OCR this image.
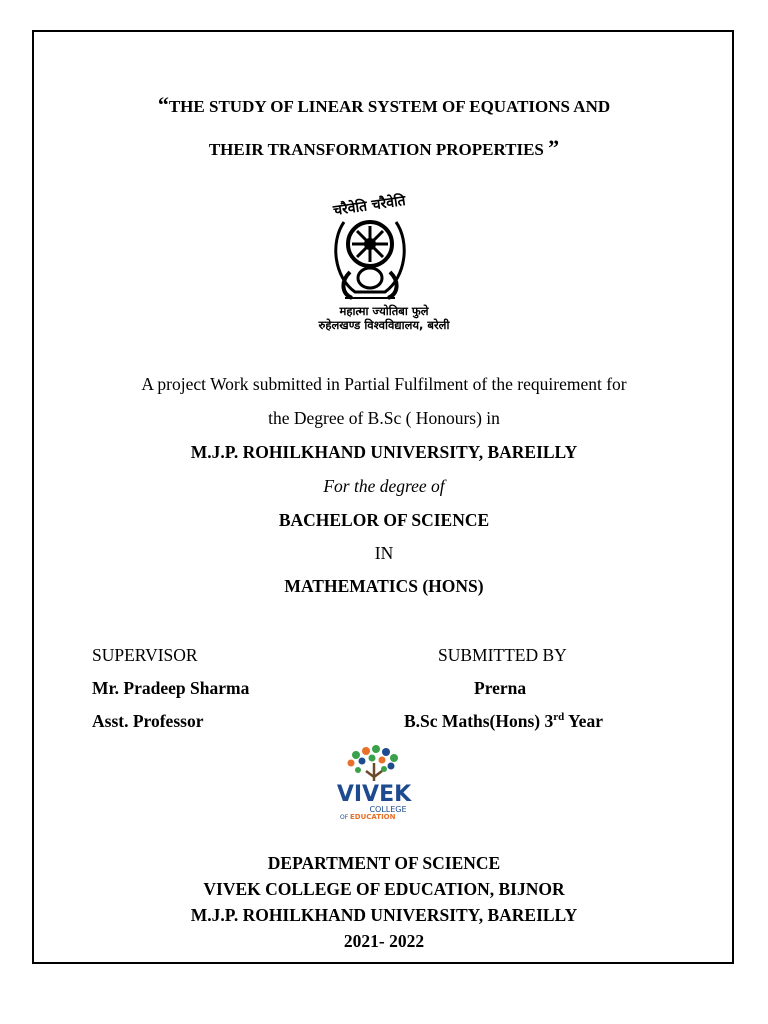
“THE STUDY OF LINEAR SYSTEM OF EQUATIONS AND
THEIR TRANSFORMATION PROPERTIES ”
चरैवेति चरैवेति
महात्मा ज्योतिबा फुले
रुहेलखण्ड विश्वविद्यालय, बरेली
A project Work submitted in Partial Fulfilment of the requirement for
the Degree of B.Sc ( Honours) in
M.J.P. ROHILKHAND UNIVERSITY, BAREILLY
For the degree of
BACHELOR OF SCIENCE
IN
MATHEMATICS (HONS)
SUPERVISOR
Mr. Pradeep Sharma
Asst. Professor
SUBMITTED BY
Prerna
B.Sc Maths(Hons) 3rd Year
VIVEK
COLLEGE
OF EDUCATION
DEPARTMENT OF SCIENCE
VIVEK COLLEGE OF EDUCATION, BIJNOR
M.J.P. ROHILKHAND UNIVERSITY, BAREILLY
2021- 2022
